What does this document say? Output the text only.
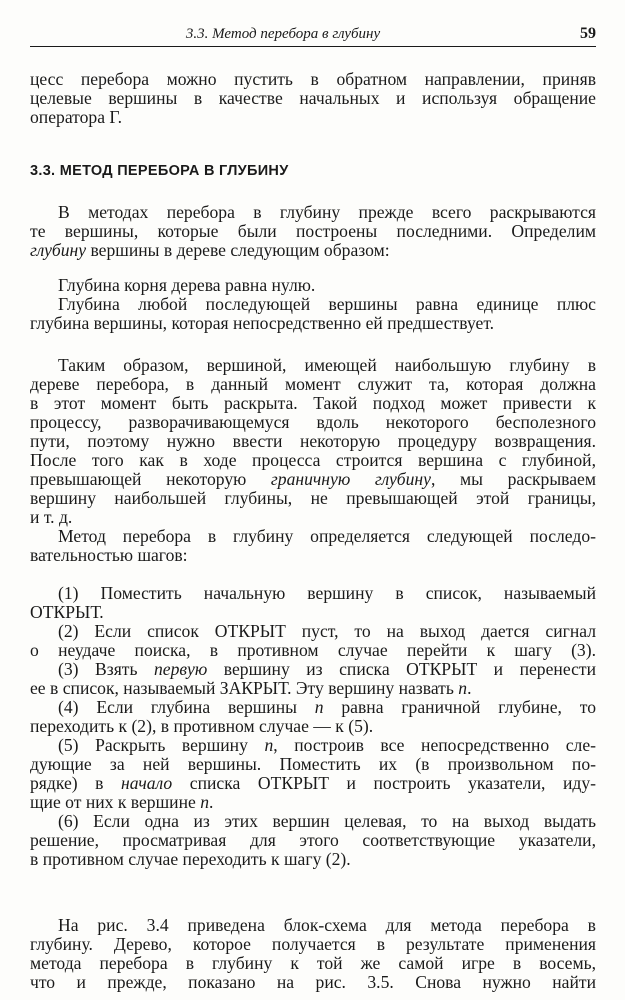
3.3. Метод перебора в глубину	59
цесс перебора можно пустить в обратном направлении, приняв
целевые вершины в качестве начальных и используя обращение
оператора Г.
3.3. МЕТОД ПЕРЕБОРА В ГЛУБИНУ
В методах перебора в глубину прежде всего раскрываются
те вершины, которые были построены последними. Определим
глубину вершины в дереве следующим образом:
Глубина корня дерева равна нулю.
Глубина любой последующей вершины равна единице плюс
глубина вершины, которая непосредственно ей предшествует.
Таким образом, вершиной, имеющей наибольшую глубину в
дереве перебора, в данный момент служит та, которая должна
в этот момент быть раскрыта. Такой подход может привести к
процессу, разворачивающемуся вдоль некоторого бесполезного
пути, поэтому нужно ввести некоторую процедуру возвращения.
После того как в ходе процесса строится вершина с глубиной,
превышающей некоторую граничную глубину, мы раскрываем
вершину наибольшей глубины, не превышающей этой границы,
и т. д.
Метод перебора в глубину определяется следующей последо-
вательностью шагов:
(1) Поместить начальную вершину в список, называемый
ОТКРЫТ.
(2) Если список ОТКРЫТ пуст, то на выход дается сигнал
о неудаче поиска, в противном случае перейти к шагу (3).
(3) Взять первую вершину из списка ОТКРЫТ и перенести
ее в список, называемый ЗАКРЫТ. Эту вершину назвать n.
(4) Если глубина вершины n равна граничной глубине, то
переходить к (2), в противном случае — к (5).
(5) Раскрыть вершину n, построив все непосредственно сле-
дующие за ней вершины. Поместить их (в произвольном по-
рядке) в начало списка ОТКРЫТ и построить указатели, иду-
щие от них к вершине n.
(6) Если одна из этих вершин целевая, то на выход выдать
решение, просматривая для этого соответствующие указатели,
в противном случае переходить к шагу (2).
На рис. 3.4 приведена блок-схема для метода перебора в
глубину. Дерево, которое получается в результате применения
метода перебора в глубину к той же самой игре в восемь,
что и прежде, показано на рис. 3.5. Снова нужно найти
